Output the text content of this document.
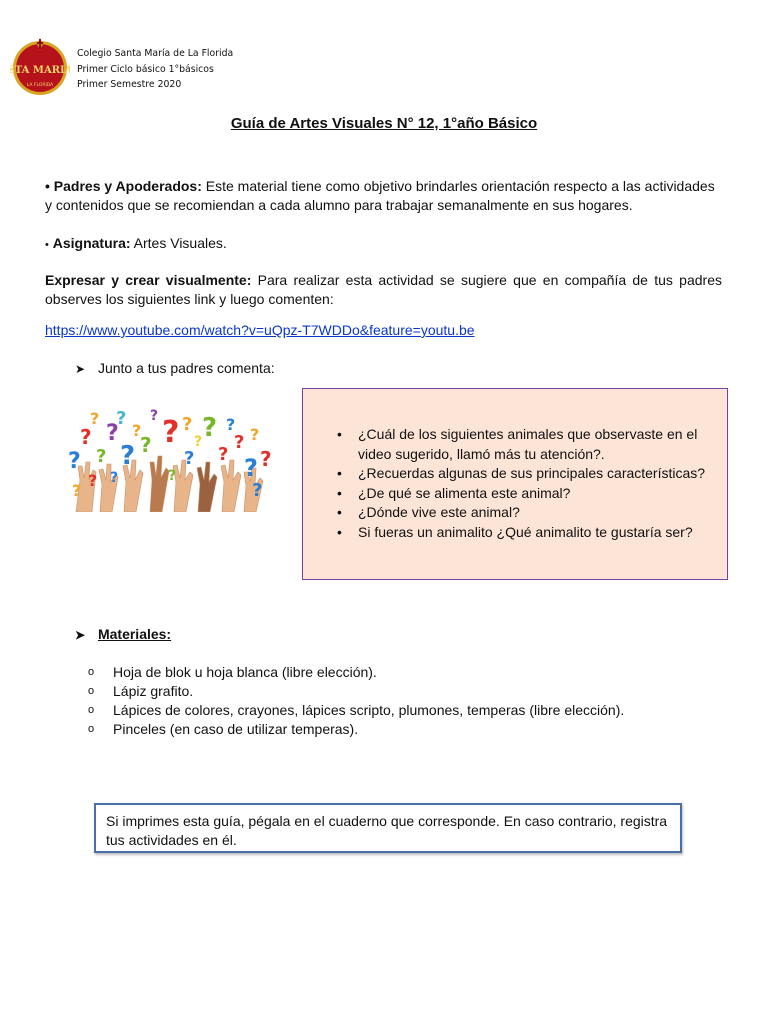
STA MARIA
LA FLORIDA
Colegio Santa María de La Florida
Primer Ciclo básico 1°básicos
Primer Semestre 2020
Guía de Artes Visuales N° 12, 1°año Básico
• Padres y Apoderados: Este material tiene como objetivo brindarles orientación respecto a las actividades y contenidos que se recomiendan a cada alumno para trabajar semanalmente en sus hogares.
• Asignatura: Artes Visuales.
Expresar y crear visualmente: Para realizar esta actividad se sugiere que en compañía de tus padres observes los siguientes link y luego comenten:
https://www.youtube.com/watch?v=uQpz-T7WDDo&feature=youtu.be
➤ Junto a tus padres comenta:
?
?
?
?
?
?
?
?
?
? ? ?
?
? ?
?
?
?
?
?
?
?
?
? ?	?
• ¿Cuál de los siguientes animales que observaste en el video sugerido, llamó más tu atención?.
• ¿Recuerdas algunas de sus principales características?
• ¿De qué se alimenta este animal?
• ¿Dónde vive este animal?
• Si fueras un animalito ¿Qué animalito te gustaría ser?
➤ Materiales:
o Hoja de blok u hoja blanca (libre elección).
o Lápiz grafito.
o Lápices de colores, crayones, lápices scripto, plumones, temperas (libre elección).
o Pinceles (en caso de utilizar temperas).
Si imprimes esta guía, pégala en el cuaderno que corresponde. En caso contrario, registra tus actividades en él.
